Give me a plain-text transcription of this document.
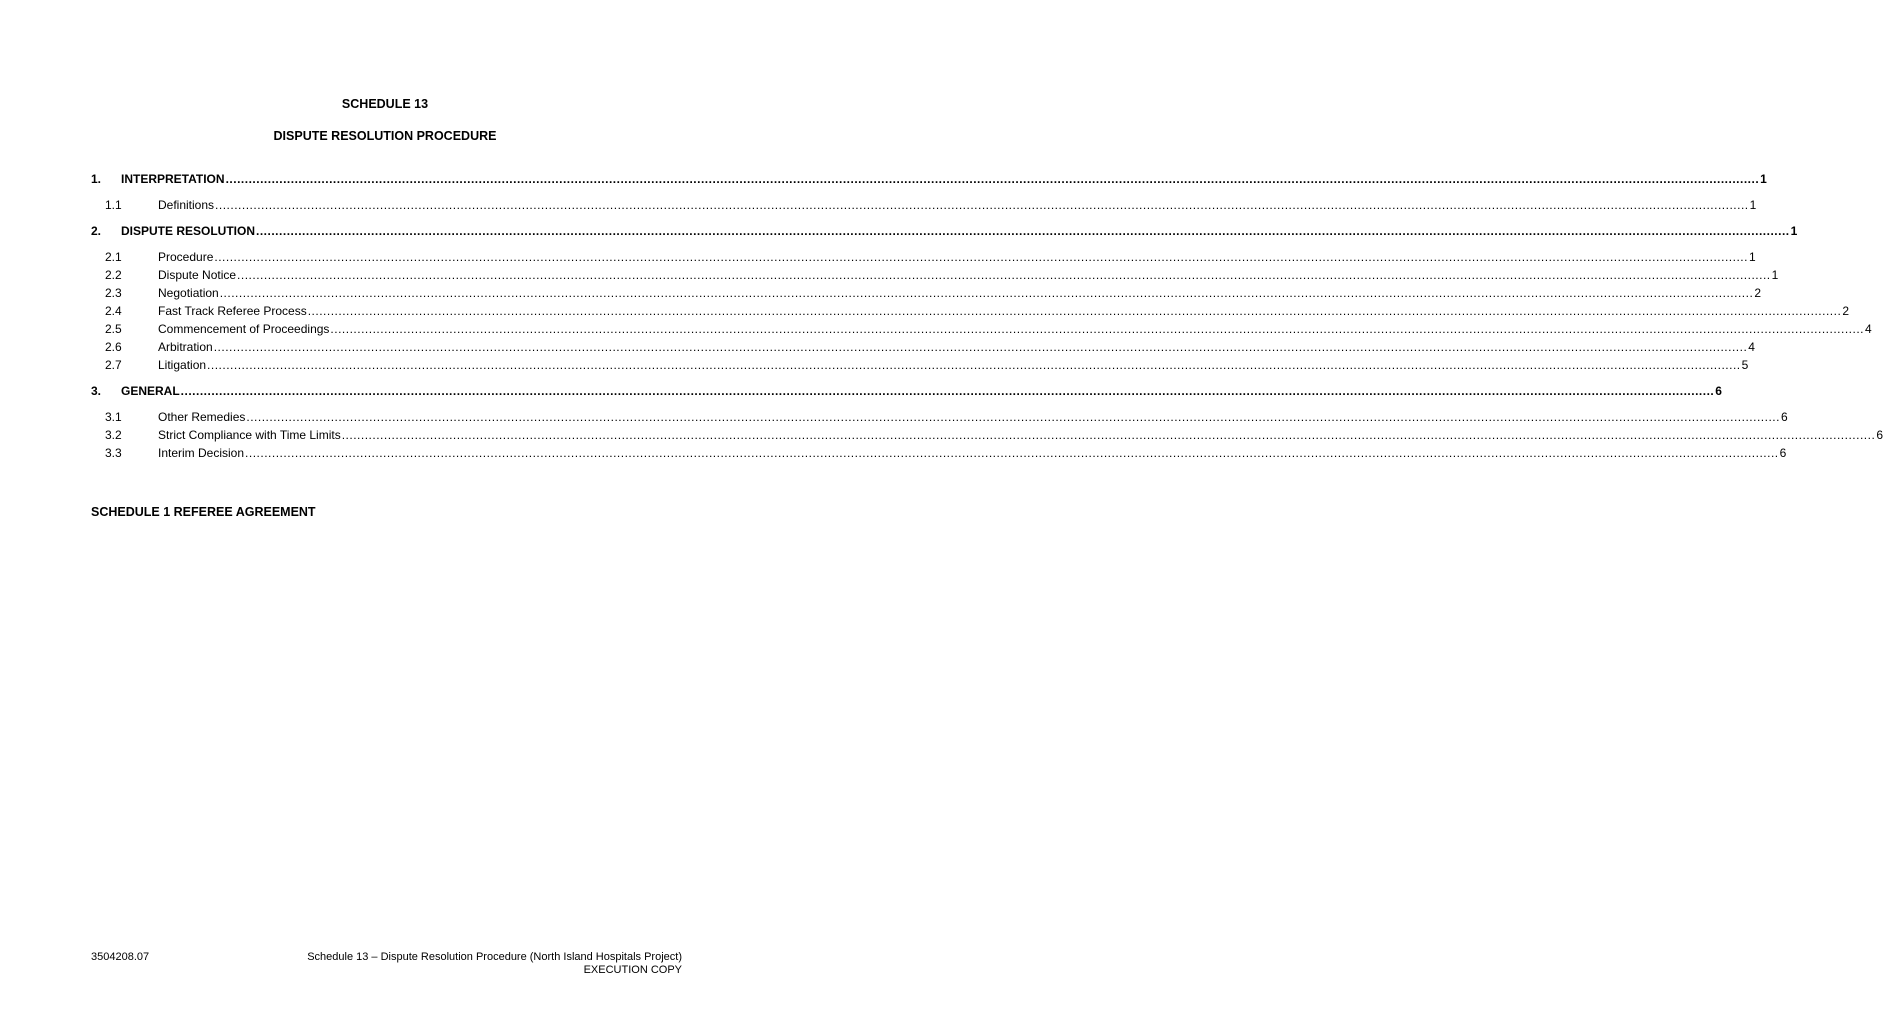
SCHEDULE 13
DISPUTE RESOLUTION PROCEDURE
1. INTERPRETATION ................................................................................................................................................................................................................................................................................................................................................................................................................ 1
1.1	Definitions ................................................................................................................................................................................................................................................................................................................................................................................................................ 1
2. DISPUTE RESOLUTION ................................................................................................................................................................................................................................................................................................................................................................................................................ 1
2.1	Procedure ................................................................................................................................................................................................................................................................................................................................................................................................................ 1
2.2	Dispute Notice ................................................................................................................................................................................................................................................................................................................................................................................................................ 1
2.3	Negotiation ................................................................................................................................................................................................................................................................................................................................................................................................................ 2
2.4	Fast Track Referee Process ................................................................................................................................................................................................................................................................................................................................................................................................................ 2
2.5	Commencement of Proceedings ................................................................................................................................................................................................................................................................................................................................................................................................................ 4
2.6	Arbitration ................................................................................................................................................................................................................................................................................................................................................................................................................ 4
2.7	Litigation ................................................................................................................................................................................................................................................................................................................................................................................................................ 5
3. GENERAL ................................................................................................................................................................................................................................................................................................................................................................................................................ 6
3.1	Other Remedies ................................................................................................................................................................................................................................................................................................................................................................................................................ 6
3.2	Strict Compliance with Time Limits ................................................................................................................................................................................................................................................................................................................................................................................................................ 6
3.3	Interim Decision ................................................................................................................................................................................................................................................................................................................................................................................................................ 6
SCHEDULE 1 REFEREE AGREEMENT
3504208.07	Schedule 13 – Dispute Resolution Procedure (North Island Hospitals Project)
EXECUTION COPY
